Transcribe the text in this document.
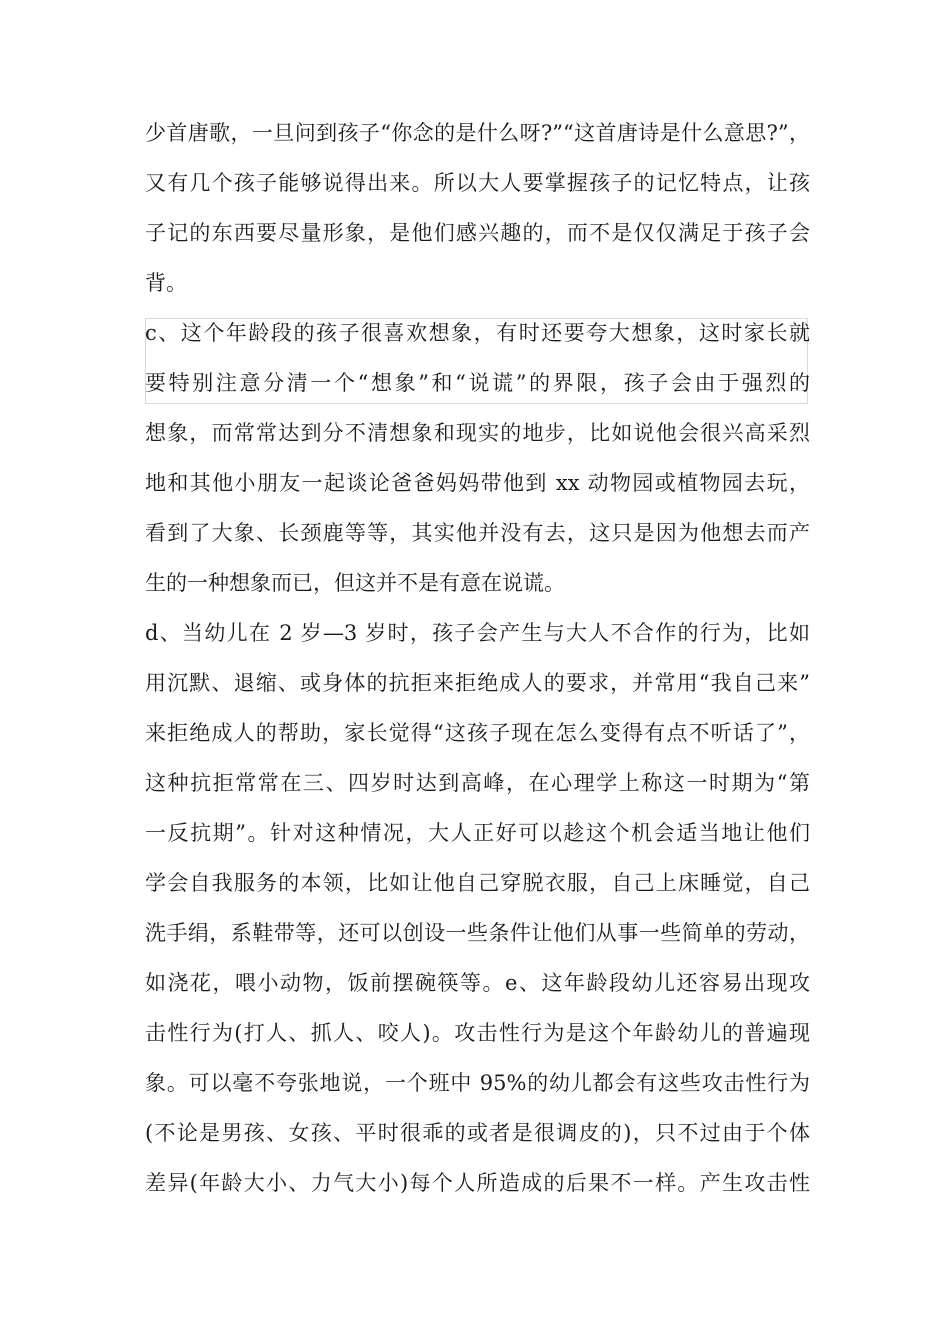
少首唐歌，一旦问到孩子“你念的是什么呀?”“这首唐诗是什么意思?”，
又有几个孩子能够说得出来。所以大人要掌握孩子的记忆特点，让孩
子记的东西要尽量形象，是他们感兴趣的，而不是仅仅满足于孩子会
背。
c、这个年龄段的孩子很喜欢想象，有时还要夸大想象，这时家长就
要特别注意分清一个“想象”和“说谎”的界限，孩子会由于强烈的
想象，而常常达到分不清想象和现实的地步，比如说他会很兴高采烈
地和其他小朋友一起谈论爸爸妈妈带他到 xx 动物园或植物园去玩，
看到了大象、长颈鹿等等，其实他并没有去，这只是因为他想去而产
生的一种想象而已，但这并不是有意在说谎。
d、当幼儿在 2 岁—3 岁时，孩子会产生与大人不合作的行为，比如
用沉默、退缩、或身体的抗拒来拒绝成人的要求，并常用“我自己来”
来拒绝成人的帮助，家长觉得“这孩子现在怎么变得有点不听话了”，
这种抗拒常常在三、四岁时达到高峰，在心理学上称这一时期为“第
一反抗期”。针对这种情况，大人正好可以趁这个机会适当地让他们
学会自我服务的本领，比如让他自己穿脱衣服，自己上床睡觉，自己
洗手绢，系鞋带等，还可以创设一些条件让他们从事一些简单的劳动，
如浇花，喂小动物，饭前摆碗筷等。e、这年龄段幼儿还容易出现攻
击性行为(打人、抓人、咬人)。攻击性行为是这个年龄幼儿的普遍现
象。可以毫不夸张地说，一个班中 95%的幼儿都会有这些攻击性行为
(不论是男孩、女孩、平时很乖的或者是很调皮的)，只不过由于个体
差异(年龄大小、力气大小)每个人所造成的后果不一样。产生攻击性
